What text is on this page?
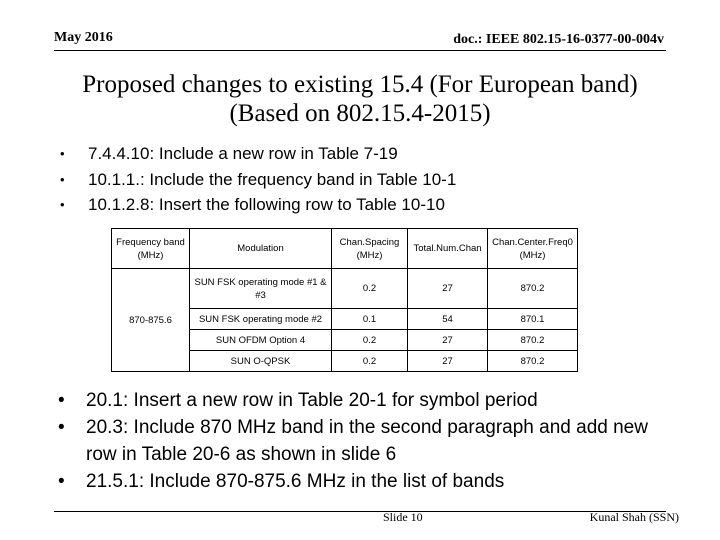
May 2016	doc.: IEEE 802.15-16-0377-00-004v
Proposed changes to existing 15.4 (For European band)
(Based on 802.15.4-2015)
• 7.4.4.10: Include a new row in Table 7-19
• 10.1.1.: Include the frequency band in Table 10-1
• 10.1.2.8: Insert the following row to Table 10-10
Frequency band (MHz)	Modulation	Chan.Spacing (MHz)	Total.Num.Chan	Chan.Center.Freq0 (MHz)
870-875.6	SUN FSK operating mode #1 & #3	0.2	27	870.2
	SUN FSK operating mode #2	0.1	54	870.1
	SUN OFDM Option 4	0.2	27	870.2
	SUN O-QPSK	0.2	27	870.2
• 20.1: Insert a new row in Table 20-1 for symbol period
• 20.3: Include 870 MHz band in the second paragraph and add new row in Table 20-6 as shown in slide 6
• 21.5.1: Include 870-875.6 MHz in the list of bands
Slide 10	Kunal Shah (SSN)
